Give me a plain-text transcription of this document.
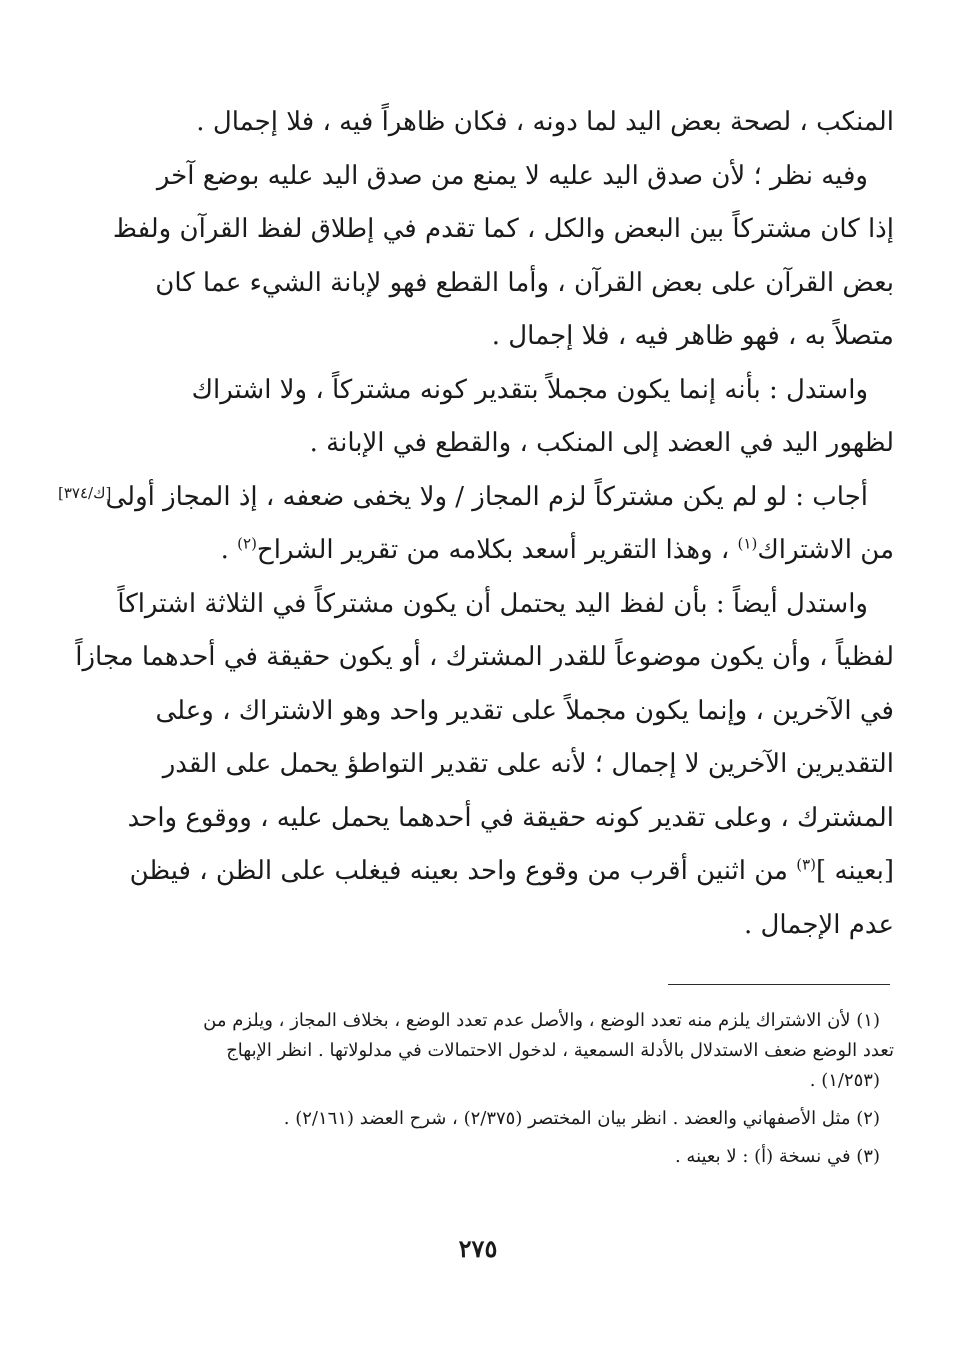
المنكب ، لصحة بعض اليد لما دونه ، فكان ظاهراً فيه ، فلا إجمال .
وفيه نظر ؛ لأن صدق اليد عليه لا يمنع من صدق اليد عليه بوضع آخر
إذا كان مشتركاً بين البعض والكل ، كما تقدم في إطلاق لفظ القرآن ولفظ
بعض القرآن على بعض القرآن ، وأما القطع فهو لإبانة الشيء عما كان
متصلاً به ، فهو ظاهر فيه ، فلا إجمال .
واستدل : بأنه إنما يكون مجملاً بتقدير كونه مشتركاً ، ولا اشتراك
لظهور اليد في العضد إلى المنكب ، والقطع في الإبانة .
أجاب : لو لم يكن مشتركاً لزم المجاز / ولا يخفى ضعفه ، إذ المجاز أولى
من الاشتراك$^{(١)}$ ، وهذا التقرير أسعد بكلامه من تقرير الشراح$^{(٢)}$ .
واستدل أيضاً : بأن لفظ اليد يحتمل أن يكون مشتركاً في الثلاثة اشتراكاً
لفظياً ، وأن يكون موضوعاً للقدر المشترك ، أو يكون حقيقة في أحدهما مجازاً
في الآخرين ، وإنما يكون مجملاً على تقدير واحد وهو الاشتراك ، وعلى
التقديرين الآخرين لا إجمال ؛ لأنه على تقدير التواطؤ يحمل على القدر
المشترك ، وعلى تقدير كونه حقيقة في أحدهما يحمل عليه ، ووقوع واحد
[بعينه ]$^{(٣)}$ من اثنين أقرب من وقوع واحد بعينه فيغلب على الظن ، فيظن
عدم الإجمال .
[ك/٣٧٤]

(١) لأن الاشتراك يلزم منه تعدد الوضع ، والأصل عدم تعدد الوضع ، بخلاف المجاز ، ويلزم من

تعدد الوضع ضعف الاستدلال بالأدلة السمعية ، لدخول الاحتمالات في مدلولاتها . انظر الإبهاج

(١/٢٥٣) .

(٢) مثل الأصفهاني والعضد . انظر بيان المختصر (٢/٣٧٥) ، شرح العضد (٢/١٦١) .

(٣) في نسخة (أ) : لا بعينه .

٢٧٥
